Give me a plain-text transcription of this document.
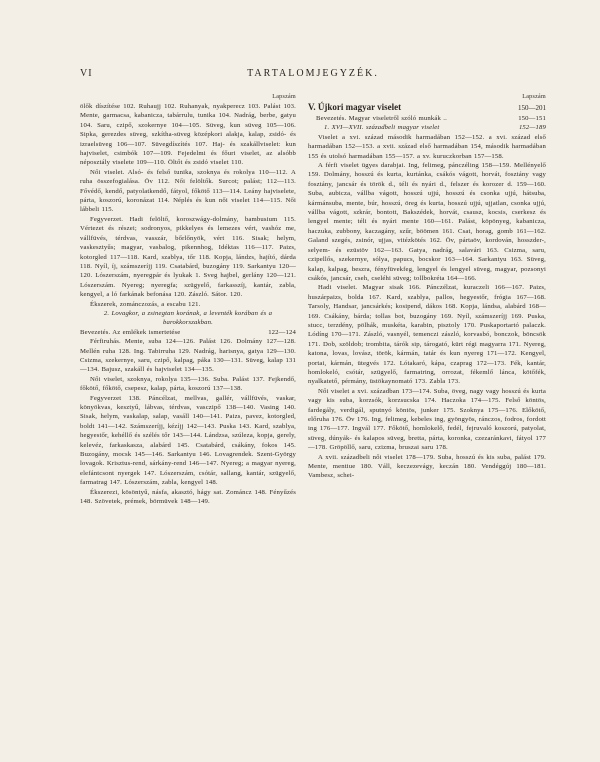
VI	TARTALOMJEGYZÉK.
Lapszám

ölők díszítése 102. Ruhaujj 102. Ruhanyak, nyakperecz 103. Palást 103. Mente, garmacsa, kabanicza, tabárrulu, tunika 104. Nadrág, berbe, gatyu 104. Saru, czipő, szokernye 104—105. Süveg, kun süveg 105—106. Sipka, gerezdes süveg, szkítha-süveg középkori alakja, kalap, zsidó- és izraelsüveg 106—107. Süvegdíszítés 107. Haj- és szakállviselet: kun hajviselet, csimbók 107—109. Fejedelmi és főuri viselet, az alsóbb néposztály viselete 109—110. Öltőt és zsidó viselet 110.

Női viselet. Alsó- és felső tunika, szoknya és rokolya 110—112. A ruha összefogialása. Öv 112. Női felöltők. Surcot; palást; 112—113. Fővédő, kendő, patyolatkendő, fátyol, főkötő 113—114. Leány hajviselete, párta, koszorú, koronázat 114. Néplés és kun női viselet 114—115. Női lábbeli 115.

Fegyverzet. Hadi felöltő, koroszwágy-dolmány, bambusium 115. Vértezet és részei; sodronyos, pikkelyes és lemezes vért, vashóz me, vállfüvés, térdvas, vasszár, bőrlőnyök, vért 116. Sisak; helym, vaskesztyűs; magyar, vasbalog, pikennhog, Idéktas 116—117. Paizs, kotorgled 117—118. Kard, szablya, tőr 118. Kopja, lándzs, hajító, dárda 118. Nyíl, íj, számszeríjj 119. Csatabárd, buzogány 119. Sarkantyu 120—120. Lószerszám, nyeregpár és lyukak 1. Sveg hajbel, gerlány 120—121. Lószerszám. Nyereg; nyeregfa; szügyelő, farkasszíj, kantár, zabla, kengyel, a ló farkának befonása 120. Zászló. Sátor. 120.

Ékszerek, zománczozás, a escabu 121.

2. Lovagkor, a zsinegtan korának, a leventék korában és a barokkorszakban.

Bevezetés. Az emlékek ismertetése	122—124

Férfiruhás. Mente, suba 124—126. Palást 126. Dolmány 127—128. Mellén ruha 128. Ing. Tabirruha 129. Nadrág, harisnya, gatya 129—130. Csizma, szekernye, saru, czipő, kalpag, páka 130—131. Süveg, kalap 131—134. Bajusz, szakáll és hajviselet 134—135.

Női viselet, szoknya, rokolya 135—136. Suba. Palást 137. Fejkendő, főkötő, főkötő, csepesz, kalap, párta, koszorú 137—138.

Fegyverzet 138. Páncélzat, mellvas, gallér, vállfüvés, vaskar, könyökvas, kesztyű, lábvas, térdvas, vasczipő 138—140. Vasing 140. Sisak, helym, vaskalap, salap, vasáll 140—141. Paizs, pavez, kotorgled, boldt 141—142. Számszeríjj, kézíjj 142—143. Puska 143. Kard, szablya, hegyestőr, kehéllő és szélés tőr 143—144. Lándzsa, szúleza, kopja, gerely, kelevéz, farkaskasza, alabárd 145. Csatabárd, csákány, fokos 145. Buzogány, mocsk 145—146. Sarkantyu 146. Lovagrendek. Szent-György lovagok. Krisztus-rend, sárkány-rend 146—147. Nyereg; a magyar nyereg, elefántcsont nyergek 147. Lószerszám, csótár, sallang, kantár, szügyelő, farmatrag 147. Lószerszám, zabla, kengyel 148.

Ékszerezi, kösöntyű, násfa, akasztó, hágy sat. Zománcz 148. Fényűzés 148. Szövetek, prémek, börmüvek 148—149.

Lapszám
V. Újkori magyar viselet	150—201
Bevezetés. Magyar viseletről szóló munkák ..	150—151
1. XVI—XVII. századbeli magyar viselet	152—189

Viselet a xvi. század második harmadában 152—152. a xvi. század első harmadában 152—153. a xvii. század első harmadában 154, második harmadában 155 és utolsó harmadában 155—157. a xv. kuruczkorban 157—158.

A férfi viselet ügyes darabjai. Ing, felimeg, pánczéling 158—159. Mellényelő 159. Dolmány, hosszú és kurta, kurtánka, csákós vágott, horvát, fosztány vagy fosztány, jancsár és török d., téli és nyári d., felszer és korozer d. 159—160. Suba, aubicza, vállba vágott, hosszú ujjú, hosszú és csonka ujjú, hátsuba, kármánsuba, mente, búr, hosszú, öreg és kurta, hosszú ujjú, ujjatlan, csonka ujjú, vállba vágott, szkrár, bontott, Bakszédek, horvát, csausz, kocsis, cserkesz és lengyel mente; téli és nyári mente 160—161. Palást, köpönyeg, kabanicza, haczuka, zubbony, kaczagány, szűr, böömen 161. Csat, horag, gomb 161—162. Galand szegés, zsinór, ujjas, vitézkötés 162. Öv, pártaöv, kordován, hosszder-, selyem- és ezüstöv 162—163. Gatya, nadrág, salavári 163. Csizma, saru, czipellős, szekernye, sólya, papucs, bocskor 163—164. Sarkantyu 163. Süveg, kalap, kalpag, beszra, fényfüvekfeg, lengyel és lengyel süveg, magyar, pozsonyi csákós, jancsár, cseh, cseléhi süveg; tollbokréta 164—166.

Hadi viselet. Magyar sisak 166. Pánczélzat, kuraczeli 166—167. Paizs, huszárpaizs, bolda 167. Kard, szablya, pallos, hegyestőr, frógia 167—168. Tarsoly, Handsar, jancsárkés; kosipend, dákos 168. Kopja, lándsa, alabárd 168—169. Csákány, bárda; tollas bot, buzogány 169. Nyíl, számszeríjj 169. Puska, stucc, terzdény, pölhák, muskéta, karabin, pisztoly 170. Puskaportartó palaczk. Lódíng 170—171. Zászló, vasnyél, temenczi zászló, korvasbó, bonczok, böncsök 171. Dob, szöldob; trombita, tárók sip, tárogató, kürt régi magyarra 171. Nyereg, katona, lovas, lovász, török, kármán, tatár és kun nyereg 171—172. Kengyel, portai, kármán, ütegvés 172. Lótakaró, kápa, czaprag 172—173. Fék, kantár, homlokeló, csótár, szügyelő, farmatring, orrozat, fékemlő lánca, kötőfék, nyalkatető, pérmány, üstökaynomató 173. Zabla 173.

Női viselet a xvi. században 173—174. Suba, öveg, nagy vagy hosszú és kurta vagy kis suba, korzsók, korzsucska 174. Haczoka 174—175. Felső köntös, fardegály, verdigál, sputnyó köntös, junker 175. Szoknya 175—176. Előkötő, előruha 176. Öv 176. Ing, felimeg, kebeles ing, gyöngyös, ránczos, fodros, fordott ing 176—177. Ingvál 177. Főkötő, homlokelő, fedél, fejruvaló koszorú, patyolat, süveg, dúnyák- és kalapos süveg, bretta, párta, koronka, czezaránkavi, fátyol 177—178. Gröpöllő, saru, czizma, bruszai saru 178.

A xvii. századbeli női viselet 178—179. Suba, hosszú és kis suba, palást 179. Mente, mentiue 180. Váll, keczezevágy, keczán 180. Vendéggúj 180—181. Vambesz, schei-
